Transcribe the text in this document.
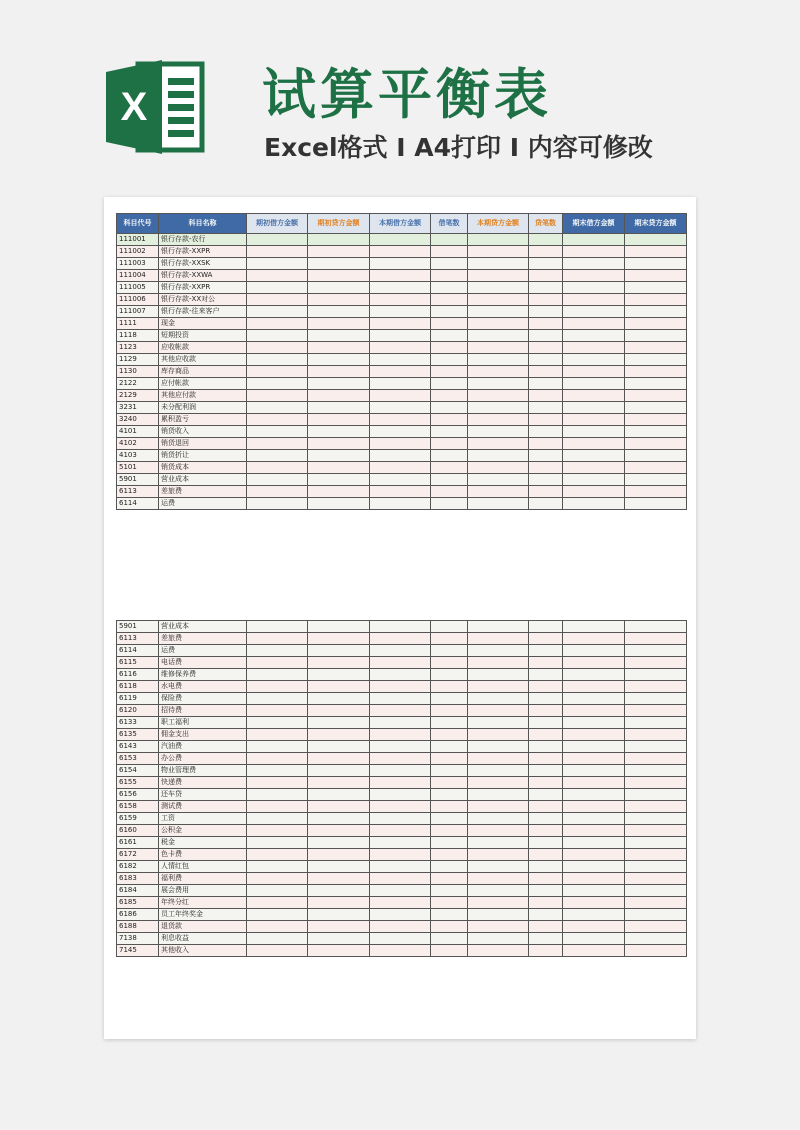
X 试算平衡表
Excel格式 I A4打印 I 内容可修改
科目代号	科目名称	期初借方金额	期初贷方金额	本期借方金额	借笔数	本期贷方金额	贷笔数	期末借方金额	期末贷方金额
111001	银行存款-农行								
111002	银行存款-XXPR								
111003	银行存款-XXSK								
111004	银行存款-XXWA								
111005	银行存款-XXPR								
111006	银行存款-XX对公								
111007	银行存款-往来客户								
1111	现金								
1118	短期投资								
1123	应收帐款								
1129	其他应收款								
1130	库存商品								
2122	应付帐款								
2129	其他应付款								
3231	未分配利润								
3240	累积盈亏								
4101	销货收入								
4102	销货退回								
4103	销货折让								
5101	销货成本								
5901	营业成本								
6113	差旅费								
6114	运费								
5901	营业成本								
6113	差旅费								
6114	运费								
6115	电话费								
6116	维修保养费								
6118	水电费								
6119	保险费								
6120	招待费								
6133	职工福利								
6135	佣金支出								
6143	汽油费								
6153	办公费								
6154	物业管理费								
6155	快递费								
6156	还车贷								
6158	测试费								
6159	工资								
6160	公积金								
6161	税金								
6172	色卡费								
6182	人情红包								
6183	福利费								
6184	展会费用								
6185	年终分红								
6186	员工年终奖金								
6188	退货款								
7138	利息收益								
7145	其他收入								
